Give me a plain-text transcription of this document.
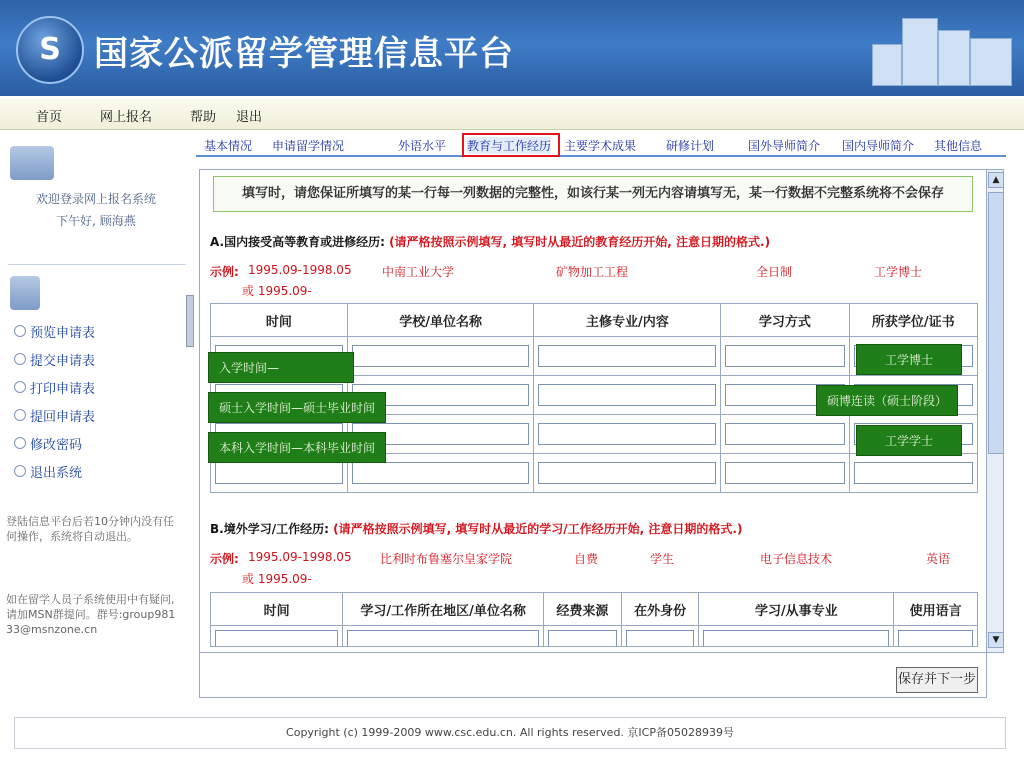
S 国家公派留学管理信息平台
首页	网上报名	帮助 退出
基本情况 申请留学情况	外语水平 教育与工作经历 主要学术成果 研修计划	国外导师简介 国内导师简介 其他信息
欢迎登录网上报名系统
下午好, 顾海燕
预览申请表
提交申请表
打印申请表
提回申请表
修改密码
退出系统
登陆信息平台后若10分钟内没有任何操作，系统将自动退出。
如在留学人员子系统使用中有疑问,请加MSN群提问。群号:group98133@msnzone.cn
▲
▼
填写时，请您保证所填写的某一行每一列数据的完整性，如该行某一列无内容请填写无，某一行数据不完整系统将不会保存
A.国内接受高等教育或进修经历: (请严格按照示例填写, 填写时从最近的教育经历开始, 注意日期的格式.)
示例: 1995.09-1998.05	中南工业大学	矿物加工工程	全日制	工学博士
或 1995.09-
时间	学校/单位名称	主修专业/内容	学习方式	所获学位/证书

入学时间—
硕士入学时间—硕士毕业时间
本科入学时间—本科毕业时间
工学博士
硕博连读（硕士阶段）
工学学士
B.境外学习/工作经历: (请严格按照示例填写, 填写时从最近的学习/工作经历开始, 注意日期的格式.)
示例: 1995.09-1998.05 比利时布鲁塞尔皇家学院	自费	学生	电子信息技术	英语
或 1995.09-
时间	学习/工作所在地区/单位名称	经费来源	在外身份	学习/从事专业	使用语言

保存并下一步
Copyright (c) 1999-2009 www.csc.edu.cn. All rights reserved. 京ICP备05028939号
